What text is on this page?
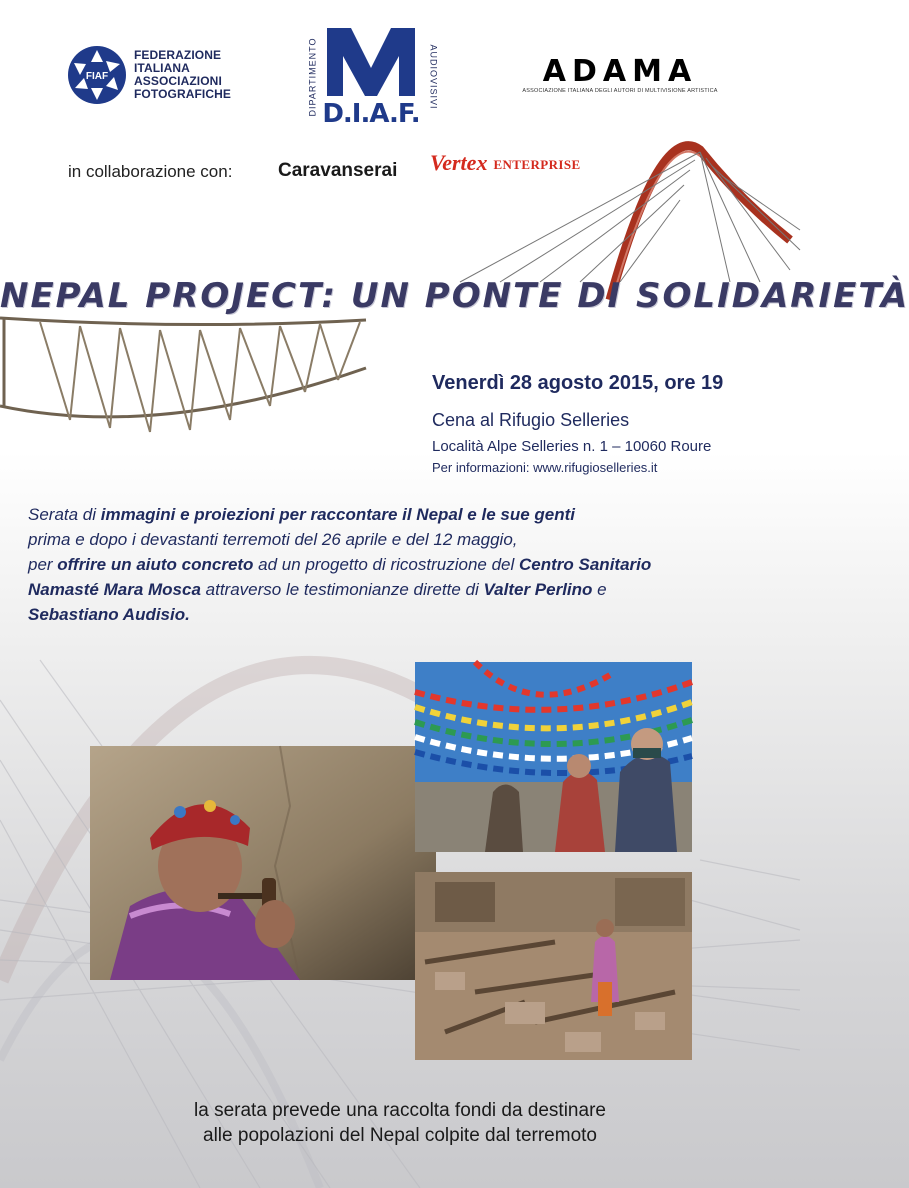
FIAF
FEDERAZIONE
ITALIANA
ASSOCIAZIONI
FOTOGRAFICHE
D.I.A.F.
DIPARTIMENTO	AUDIOVISIVI	ADAMA
ASSOCIAZIONE ITALIANA DEGLI AUTORI DI MULTIVISIONE ARTISTICA
in collaborazione con: Caravanserai Vertex ENTERPRISE
NEPAL PROJECT: UN PONTE DI SOLIDARIETÀ
Venerdì 28 agosto 2015, ore 19
Cena al Rifugio Selleries
Località Alpe Selleries n. 1 – 10060 Roure
Per informazioni: www.rifugioselleries.it
Serata di immagini e proiezioni per raccontare il Nepal e le sue genti
prima e dopo i devastanti terremoti del 26 aprile e del 12 maggio,
per offrire un aiuto concreto ad un progetto di ricostruzione del Centro Sanitario
Namasté Mara Mosca attraverso le testimonianze dirette di Valter Perlino e
Sebastiano Audisio.
la serata prevede una raccolta fondi da destinare
alle popolazioni del Nepal colpite dal terremoto
